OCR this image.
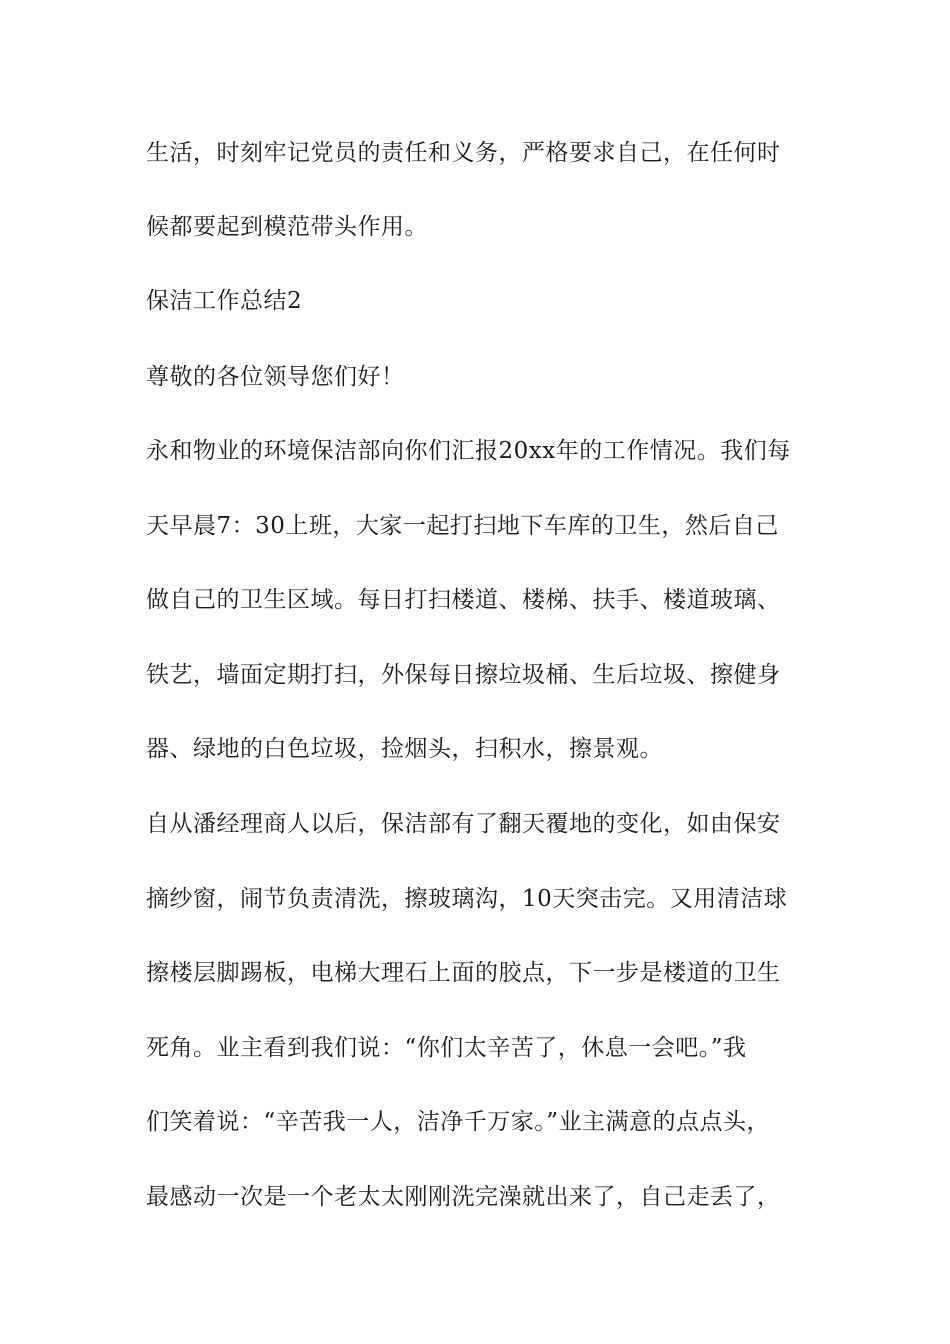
生活，时刻牢记党员的责任和义务，严格要求自己，在任何时
候都要起到模范带头作用。
保洁工作总结2
尊敬的各位领导您们好！
永和物业的环境保洁部向你们汇报20xx年的工作情况。我们每
天早晨7：30上班，大家一起打扫地下车库的卫生，然后自己
做自己的卫生区域。每日打扫楼道、楼梯、扶手、楼道玻璃、
铁艺，墙面定期打扫，外保每日擦垃圾桶、生后垃圾、擦健身
器、绿地的白色垃圾，捡烟头，扫积水，擦景观。
自从潘经理商人以后，保洁部有了翻天覆地的变化，如由保安
摘纱窗，闹节负责清洗，擦玻璃沟，10天突击完。又用清洁球
擦楼层脚踢板，电梯大理石上面的胶点，下一步是楼道的卫生
死角。业主看到我们说：“你们太辛苦了，休息一会吧。”我
们笑着说：“辛苦我一人，洁净千万家。”业主满意的点点头，
最感动一次是一个老太太刚刚洗完澡就出来了，自己走丢了，
